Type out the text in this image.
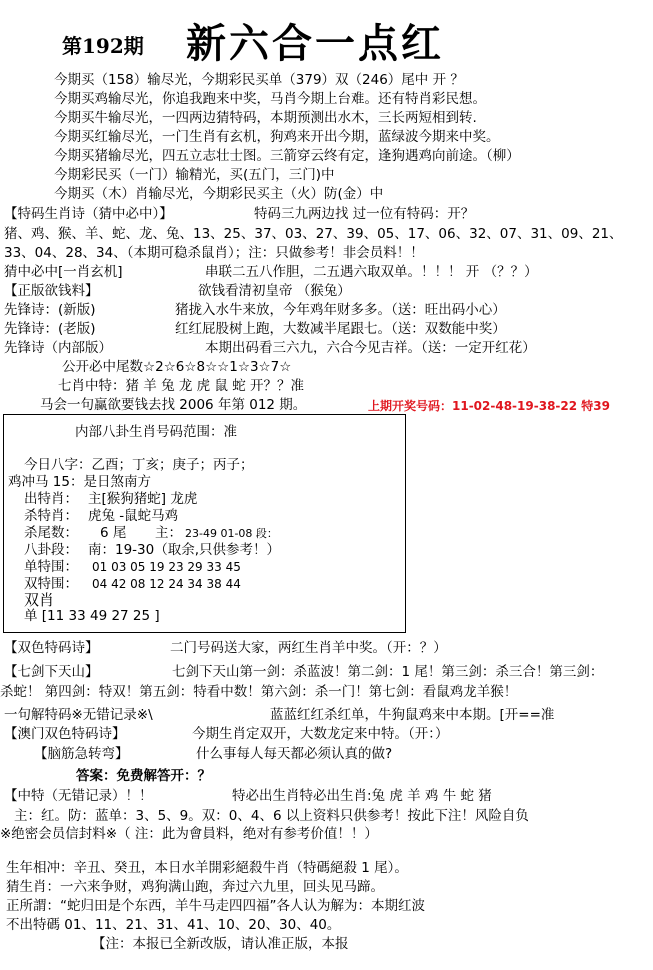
第192期 新六合一点红
今期买（158）输尽光，今期彩民买单（379）双（246）尾中 开 ？
今期买鸡输尽光，你追我跑来中奖，马肖今期上台难。还有特肖彩民想。
今期买牛输尽光，一四两边猜特码，本期预测出水木，三长两短相到转.
今期买红输尽光，一门生肖有玄机，狗鸡来开出今期，蓝绿波今期来中奖。
今期买猪输尽光，四五立志壮士图。三箭穿云终有定，逢狗遇鸡向前途。（柳）
今期彩民买（一门）输精光，买(五门，三门)中
今期买（木）肖输尽光，今期彩民买主（火）防(金）中
【特码生肖诗（猜中必中）】	特码三九两边找 过一位有特码：开？
猪、鸡、猴、羊、蛇、龙、兔、13、25、37、03、27、39、05、17、06、32、07、31、09、21、
33、04、28、34、（本期可稳杀鼠肖）；注：只做参考！非会员料！！
猜中必中[一肖玄机]	串联二五八作胆，二五遇六取双单。！！！ 开 （？？）
【正版欲钱料】	欲钱看清初皇帝 （猴兔）
先锋诗：(新版)	猪拢入水牛来放，今年鸡年财多多。（送：旺出码小心）
先锋诗：(老版)	红红屁股树上跑，大数减半尾跟七。（送：双数能中奖）
先锋诗（内部版）	本期出码看三六九，六合今见吉祥。（送：一定开红花）
公开必中尾数☆2☆6☆8☆☆1☆3☆7☆
七肖中特：猪 羊 兔 龙 虎 鼠 蛇 开？？准
马会一句赢欲要钱去找 2006 年第 012 期。	上期开奖号码：11-02-48-19-38-22 特39
内部八卦生肖号码范围：准
今日八字：乙酉；丁亥；庚子；丙子；
鸡冲马 15：是日煞南方
出特肖： 主[猴狗猪蛇] 龙虎
杀特肖： 虎兔 -鼠蛇马鸡
杀尾数： 6 尾 主： 23-49 01-08 段：
八卦段： 南：19-30（取余,只供参考！）
单特围： 01 03 05 19 23 29 33 45
双特围： 04 42 08 12 24 34 38 44
双肖
单 [11 33 49 27 25 ]
【双色特码诗】	二门号码送大家，两红生肖羊中奖。（开：？）
【七剑下天山】	七剑下天山第一剑：杀蓝波！第二剑：1 尾！第三剑：杀三合！第三剑：
杀蛇！ 第四剑：特双！第五剑：特看中数！第六剑：杀一门！第七剑：看鼠鸡龙羊猴！
一句解特码※无错记录※\	蓝蓝红红杀红单，牛狗鼠鸡来中本期。[开==准
【澳门双色特码诗】	今期生肖定双开，大数龙定来中特。（开：）
【脑筋急转弯】	什么事每人每天都必须认真的做?
答案：免费解答开：？
【中特（无错记录）！！	特必出生肖特必出生肖:兔 虎 羊 鸡 牛 蛇 猪
主：红。防：蓝单：3、5、9。双：0、4、6 以上资料只供参考！按此下注！风险自负
※绝密会员信封料※（ 注：此为會員料，绝对有参考价值！！）
生年相冲：辛丑、癸丑，本日水羊開彩絕殺牛肖（特碼絕殺 1 尾）。
猜生肖：一六来争财，鸡狗满山跑，奔过六九里，回头见马蹄。
正所謂：“蛇归田是个东西，羊牛马走四四福”各人认为解为：本期红波
不出特碼 01、11、21、31、41、10、20、30、40。
【注：本报已全新改版，请认准正版，本报
